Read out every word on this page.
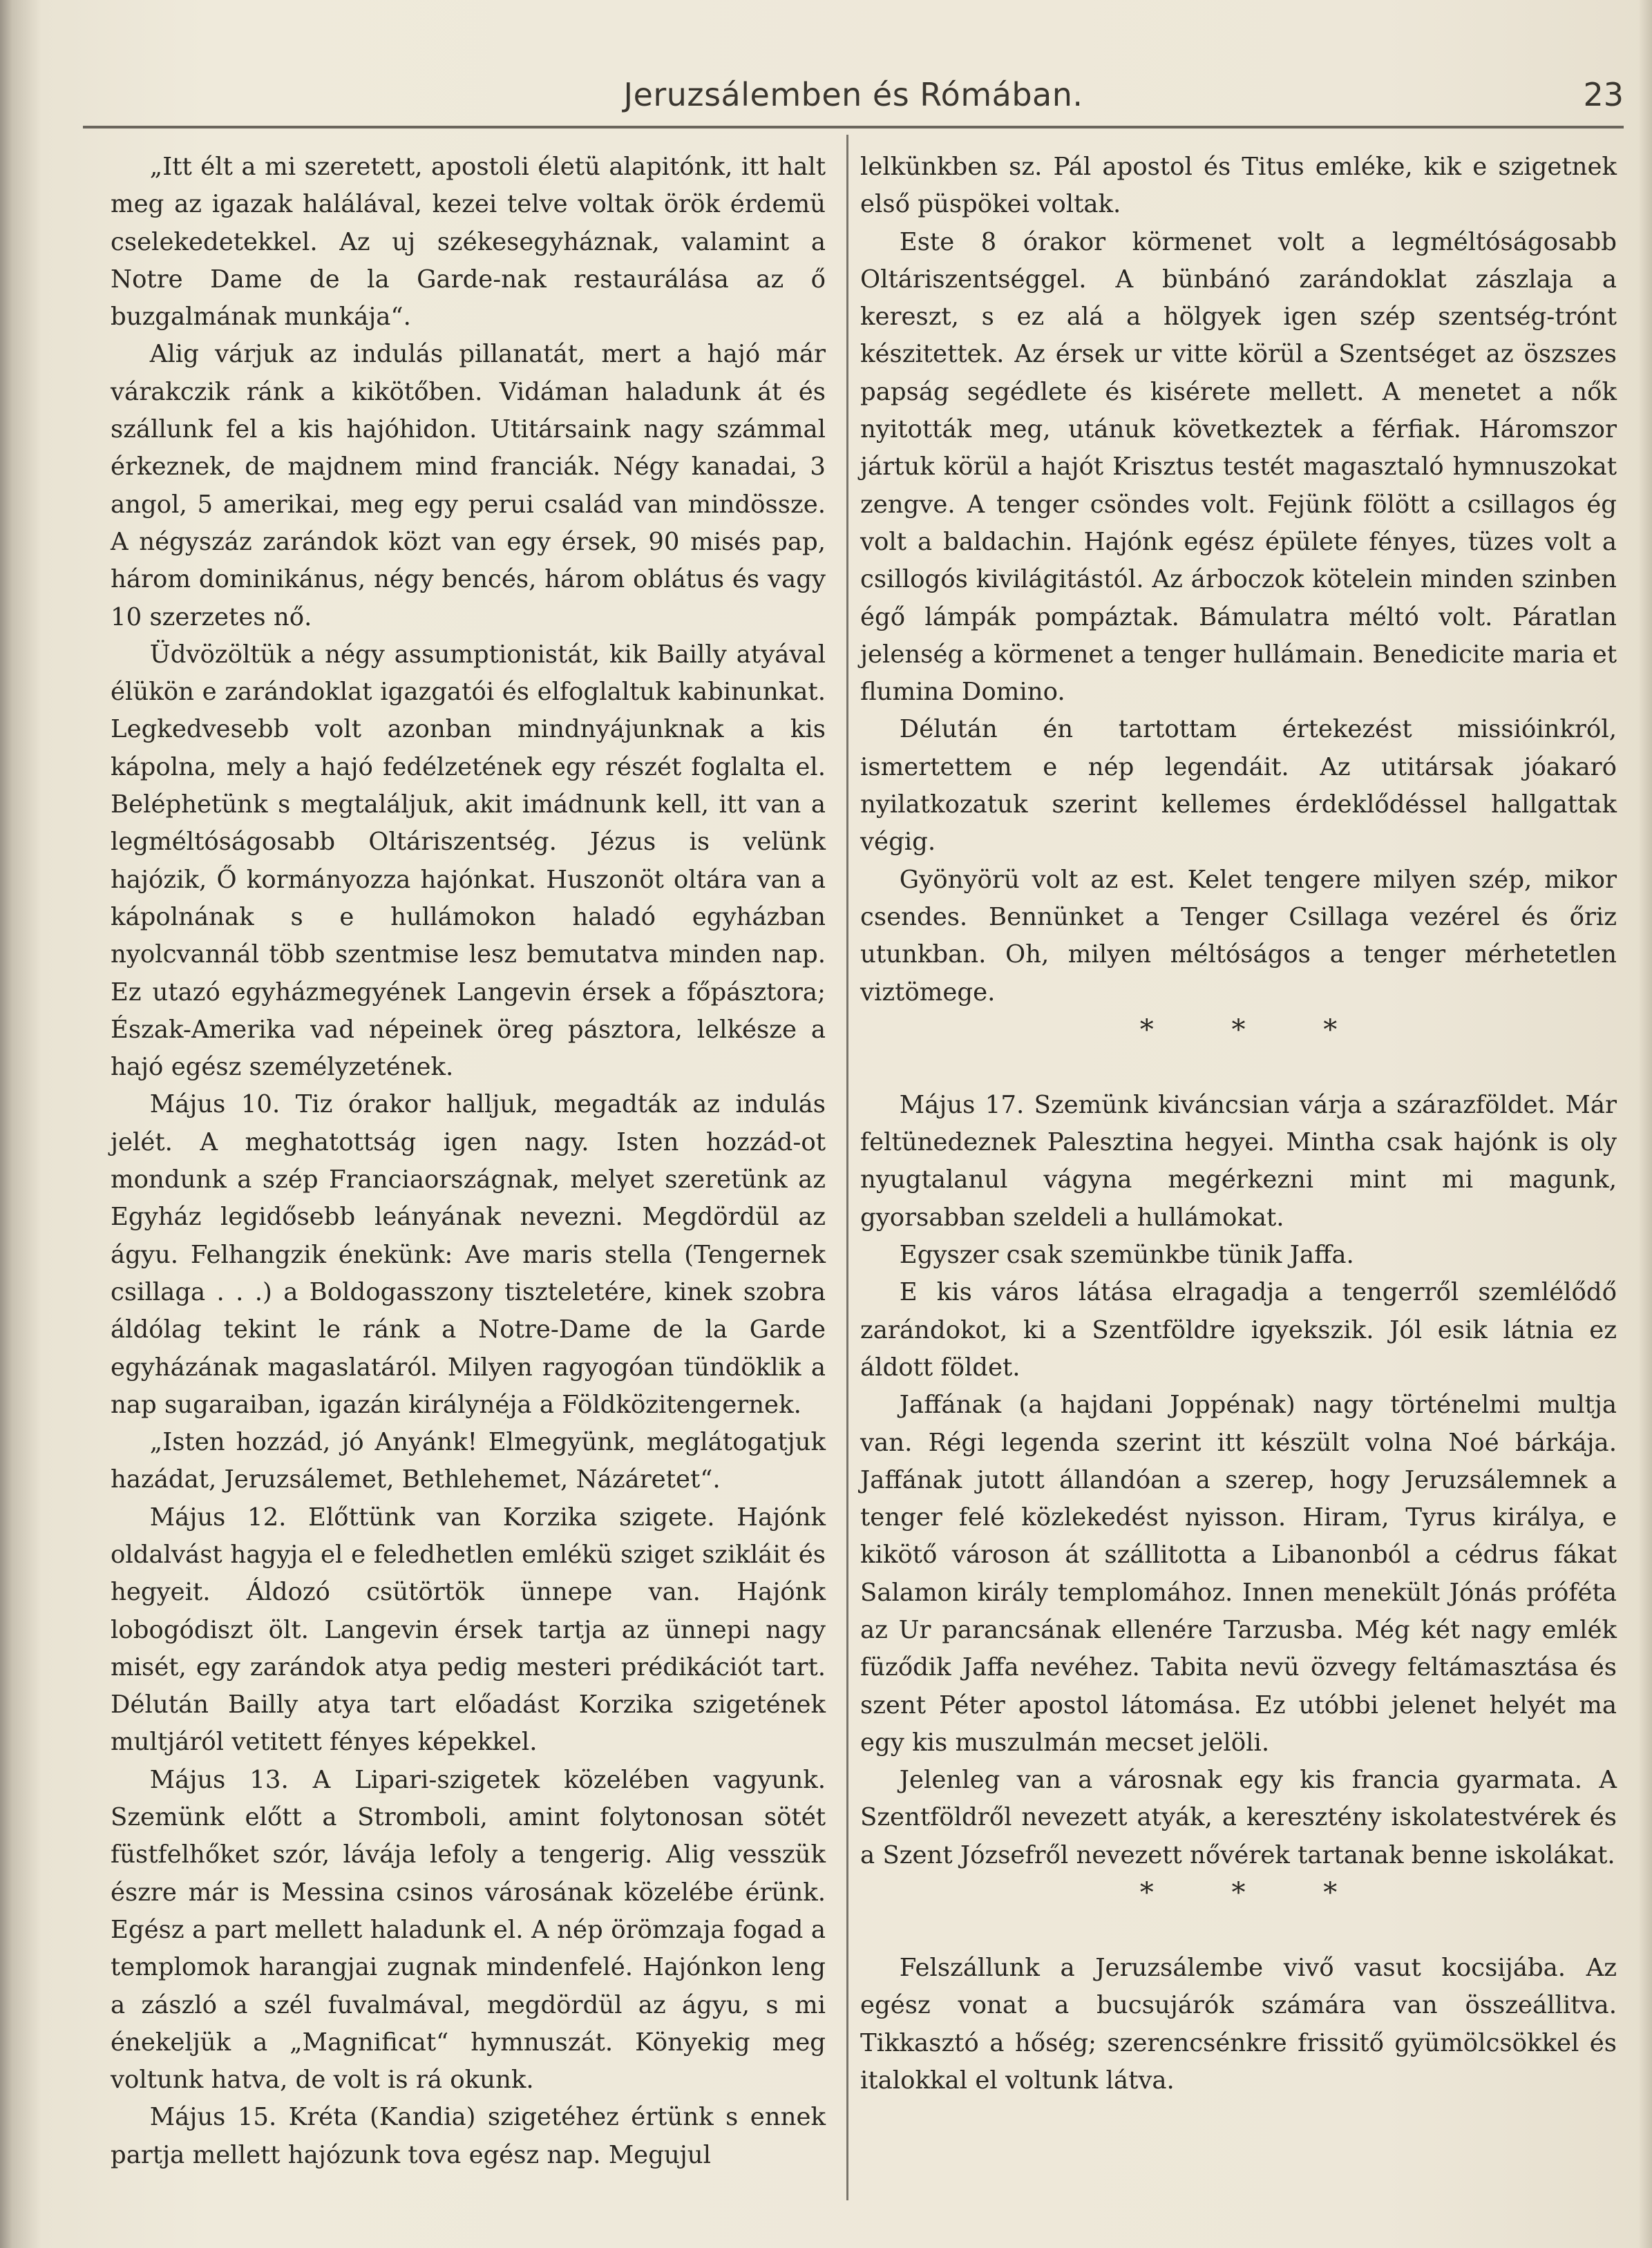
Jeruzsálemben és Rómában.	23

„Itt élt a mi szeretett, apostoli életü alapitónk, itt halt meg az igazak halálával, kezei telve voltak örök érdemü cselekedetekkel. Az uj székesegyháznak, valamint a Notre Dame de la Garde-nak restaurálása az ő buzgalmának munkája“.

Alig várjuk az indulás pillanatát, mert a hajó már várakczik ránk a kikötőben. Vidáman haladunk át és szállunk fel a kis hajóhidon. Utitársaink nagy számmal érkeznek, de majdnem mind franciák. Négy kanadai, 3 angol, 5 amerikai, meg egy perui család van mindössze. A négyszáz zarándok közt van egy érsek, 90 misés pap, három dominikánus, négy bencés, három oblátus és vagy 10 szerzetes nő.

Üdvözöltük a négy assumptionistát, kik Bailly atyával élükön e zarándoklat igazgatói és elfoglaltuk kabinunkat. Legkedvesebb volt azonban mindnyájunknak a kis kápolna, mely a hajó fedélzetének egy részét foglalta el. Beléphetünk s megtaláljuk, akit imádnunk kell, itt van a legméltóságosabb Oltáriszentség. Jézus is velünk hajózik, Ő kormányozza hajónkat. Huszonöt oltára van a kápolnának s e hullámokon haladó egyházban nyolcvannál több szentmise lesz bemutatva minden nap. Ez utazó egyházmegyének Langevin érsek a főpásztora; Észak-Amerika vad népeinek öreg pásztora, lelkésze a hajó egész személyzetének.

Május 10. Tiz órakor halljuk, megadták az indulás jelét. A meghatottság igen nagy. Isten hozzád-ot mondunk a szép Franciaországnak, melyet szeretünk az Egyház legidősebb leányának nevezni. Megdördül az ágyu. Felhangzik énekünk: Ave maris stella (Tengernek csillaga . . .) a Boldogasszony tiszteletére, kinek szobra áldólag tekint le ránk a Notre-Dame de la Garde egyházának magaslatáról. Milyen ragyogóan tündöklik a nap sugaraiban, igazán királynéja a Földközitengernek.

„Isten hozzád, jó Anyánk! Elmegyünk, meglátogatjuk hazádat, Jeruzsálemet, Bethlehemet, Názáretet“.

Május 12. Előttünk van Korzika szigete. Hajónk oldalvást hagyja el e feledhetlen emlékü sziget szikláit és hegyeit. Áldozó csütörtök ünnepe van. Hajónk lobogódiszt ölt. Langevin érsek tartja az ünnepi nagy misét, egy zarándok atya pedig mesteri prédikációt tart. Délután Bailly atya tart előadást Korzika szigetének multjáról vetitett fényes képekkel.

Május 13. A Lipari-szigetek közelében vagyunk. Szemünk előtt a Stromboli, amint folytonosan sötét füstfelhőket szór, lávája lefoly a tengerig. Alig vesszük észre már is Messina csinos városának közelébe érünk. Egész a part mellett haladunk el. A nép örömzaja fogad a templomok harangjai zugnak mindenfelé. Hajónkon leng a zászló a szél fuvalmával, megdördül az ágyu, s mi énekeljük a „Magnificat“ hymnuszát. Könyekig meg voltunk hatva, de volt is rá okunk.

Május 15. Kréta (Kandia) szigetéhez értünk s ennek partja mellett hajózunk tova egész nap. Megujul

lelkünkben sz. Pál apostol és Titus emléke, kik e szigetnek első püspökei voltak.

Este 8 órakor körmenet volt a legméltóságosabb Oltáriszentséggel. A bünbánó zarándoklat zászlaja a kereszt, s ez alá a hölgyek igen szép szentség-trónt készitettek. Az érsek ur vitte körül a Szentséget az öszszes papság segédlete és kisérete mellett. A menetet a nők nyitották meg, utánuk következtek a férfiak. Háromszor jártuk körül a hajót Krisztus testét magasztaló hymnuszokat zengve. A tenger csöndes volt. Fejünk fölött a csillagos ég volt a baldachin. Hajónk egész épülete fényes, tüzes volt a csillogós kivilágitástól. Az árboczok kötelein minden szinben égő lámpák pompáztak. Bámulatra méltó volt. Páratlan jelenség a körmenet a tenger hullámain. Benedicite maria et flumina Domino.

Délután én tartottam értekezést missióinkról, ismertettem e nép legendáit. Az utitársak jóakaró nyilatkozatuk szerint kellemes érdeklődéssel hallgattak végig.

Gyönyörü volt az est. Kelet tengere milyen szép, mikor csendes. Bennünket a Tenger Csillaga vezérel és őriz utunkban. Oh, milyen méltóságos a tenger mérhetetlen viztömege.

* * *

Május 17. Szemünk kiváncsian várja a szárazföldet. Már feltünedeznek Palesztina hegyei. Mintha csak hajónk is oly nyugtalanul vágyna megérkezni mint mi magunk, gyorsabban szeldeli a hullámokat.

Egyszer csak szemünkbe tünik Jaffa.

E kis város látása elragadja a tengerről szemlélődő zarándokot, ki a Szentföldre igyekszik. Jól esik látnia ez áldott földet.

Jaffának (a hajdani Joppénak) nagy történelmi multja van. Régi legenda szerint itt készült volna Noé bárkája. Jaffának jutott állandóan a szerep, hogy Jeruzsálemnek a tenger felé közlekedést nyisson. Hiram, Tyrus királya, e kikötő városon át szállitotta a Libanonból a cédrus fákat Salamon király templomához. Innen menekült Jónás próféta az Ur parancsának ellenére Tarzusba. Még két nagy emlék füződik Jaffa nevéhez. Tabita nevü özvegy feltámasztása és szent Péter apostol látomása. Ez utóbbi jelenet helyét ma egy kis muszulmán mecset jelöli.

Jelenleg van a városnak egy kis francia gyarmata. A Szentföldről nevezett atyák, a keresztény iskolatestvérek és a Szent Józsefről nevezett nővérek tartanak benne iskolákat.

* * *

Felszállunk a Jeruzsálembe vivő vasut kocsijába. Az egész vonat a bucsujárók számára van összeállitva. Tikkasztó a hőség; szerencsénkre frissitő gyümölcsökkel és italokkal el voltunk látva.
